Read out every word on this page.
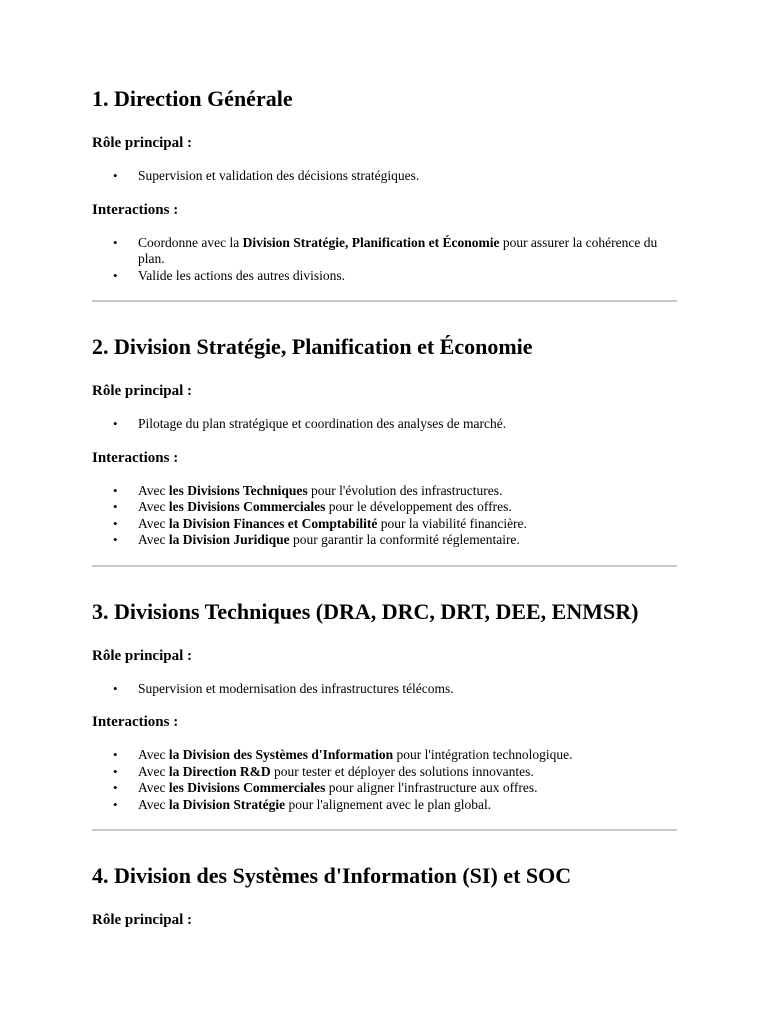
1. Direction Générale

Rôle principal :

• Supervision et validation des décisions stratégiques.

Interactions :

• Coordonne avec la Division Stratégie, Planification et Économie pour assurer la cohérence du plan.
• Valide les actions des autres divisions.
2. Division Stratégie, Planification et Économie

Rôle principal :

• Pilotage du plan stratégique et coordination des analyses de marché.

Interactions :

• Avec les Divisions Techniques pour l'évolution des infrastructures.
• Avec les Divisions Commerciales pour le développement des offres.
• Avec la Division Finances et Comptabilité pour la viabilité financière.
• Avec la Division Juridique pour garantir la conformité réglementaire.
3. Divisions Techniques (DRA, DRC, DRT, DEE, ENMSR)

Rôle principal :

• Supervision et modernisation des infrastructures télécoms.

Interactions :

• Avec la Division des Systèmes d'Information pour l'intégration technologique.
• Avec la Direction R&D pour tester et déployer des solutions innovantes.
• Avec les Divisions Commerciales pour aligner l'infrastructure aux offres.
• Avec la Division Stratégie pour l'alignement avec le plan global.
4. Division des Systèmes d'Information (SI) et SOC

Rôle principal :
